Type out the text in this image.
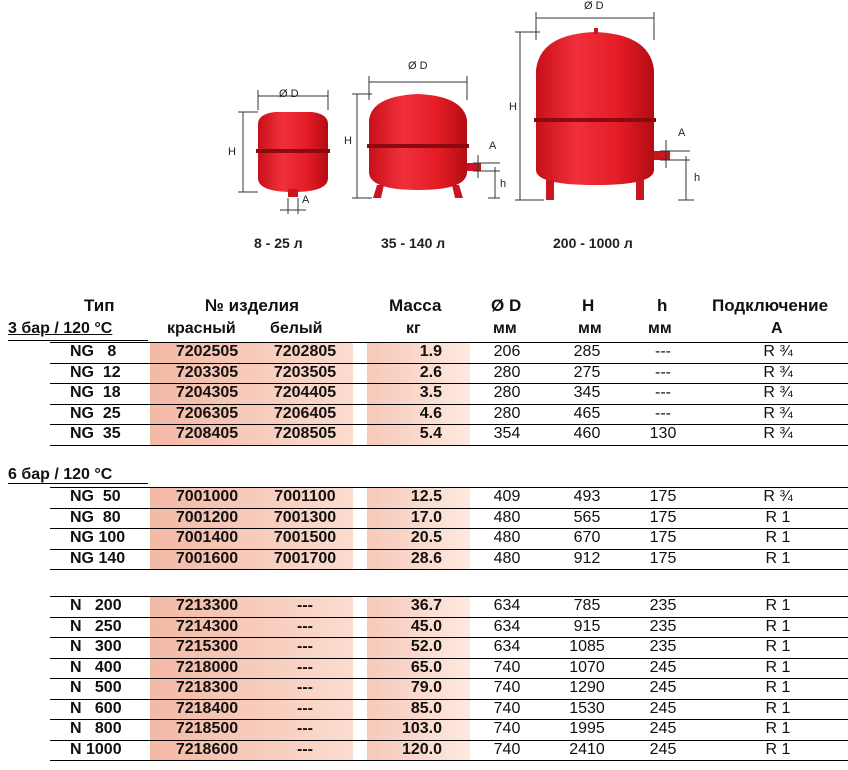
Ø D
H
A
Ø D
H	A
h
Ø D
H
A
h
8 - 25 л	35 - 140 л	200 - 1000 л
Тип	№ изделия	Масса	Ø D	H	h	Подключение
3 бар / 120 °С	красный белый	кг	мм	мм	мм	A
NG   8	7202505	7202805	1.9	206	285	---	R ¾
NG  12	7203305	7203505	2.6	280	275	---	R ¾
NG  18	7204305	7204405	3.5	280	345	---	R ¾
NG  25	7206305	7206405	4.6	280	465	---	R ¾
NG  35	7208405	7208505	5.4	354	460	130	R ¾
NG  50	7001000	7001100	12.5	409	493	175	R ¾
NG  80	7001200	7001300	17.0	480	565	175	R 1
NG 100	7001400	7001500	20.5	480	670	175	R 1
NG 140	7001600	7001700	28.6	480	912	175	R 1
N   200	7213300	---	36.7	634	785	235	R 1
N   250	7214300	---	45.0	634	915	235	R 1
N   300	7215300	---	52.0	634	1085	235	R 1
N   400	7218000	---	65.0	740	1070	245	R 1
N   500	7218300	---	79.0	740	1290	245	R 1
N   600	7218400	---	85.0	740	1530	245	R 1
N   800	7218500	---	103.0	740	1995	245	R 1
N 1000	7218600	---	120.0	740	2410	245	R 1
6 бар / 120 °С
